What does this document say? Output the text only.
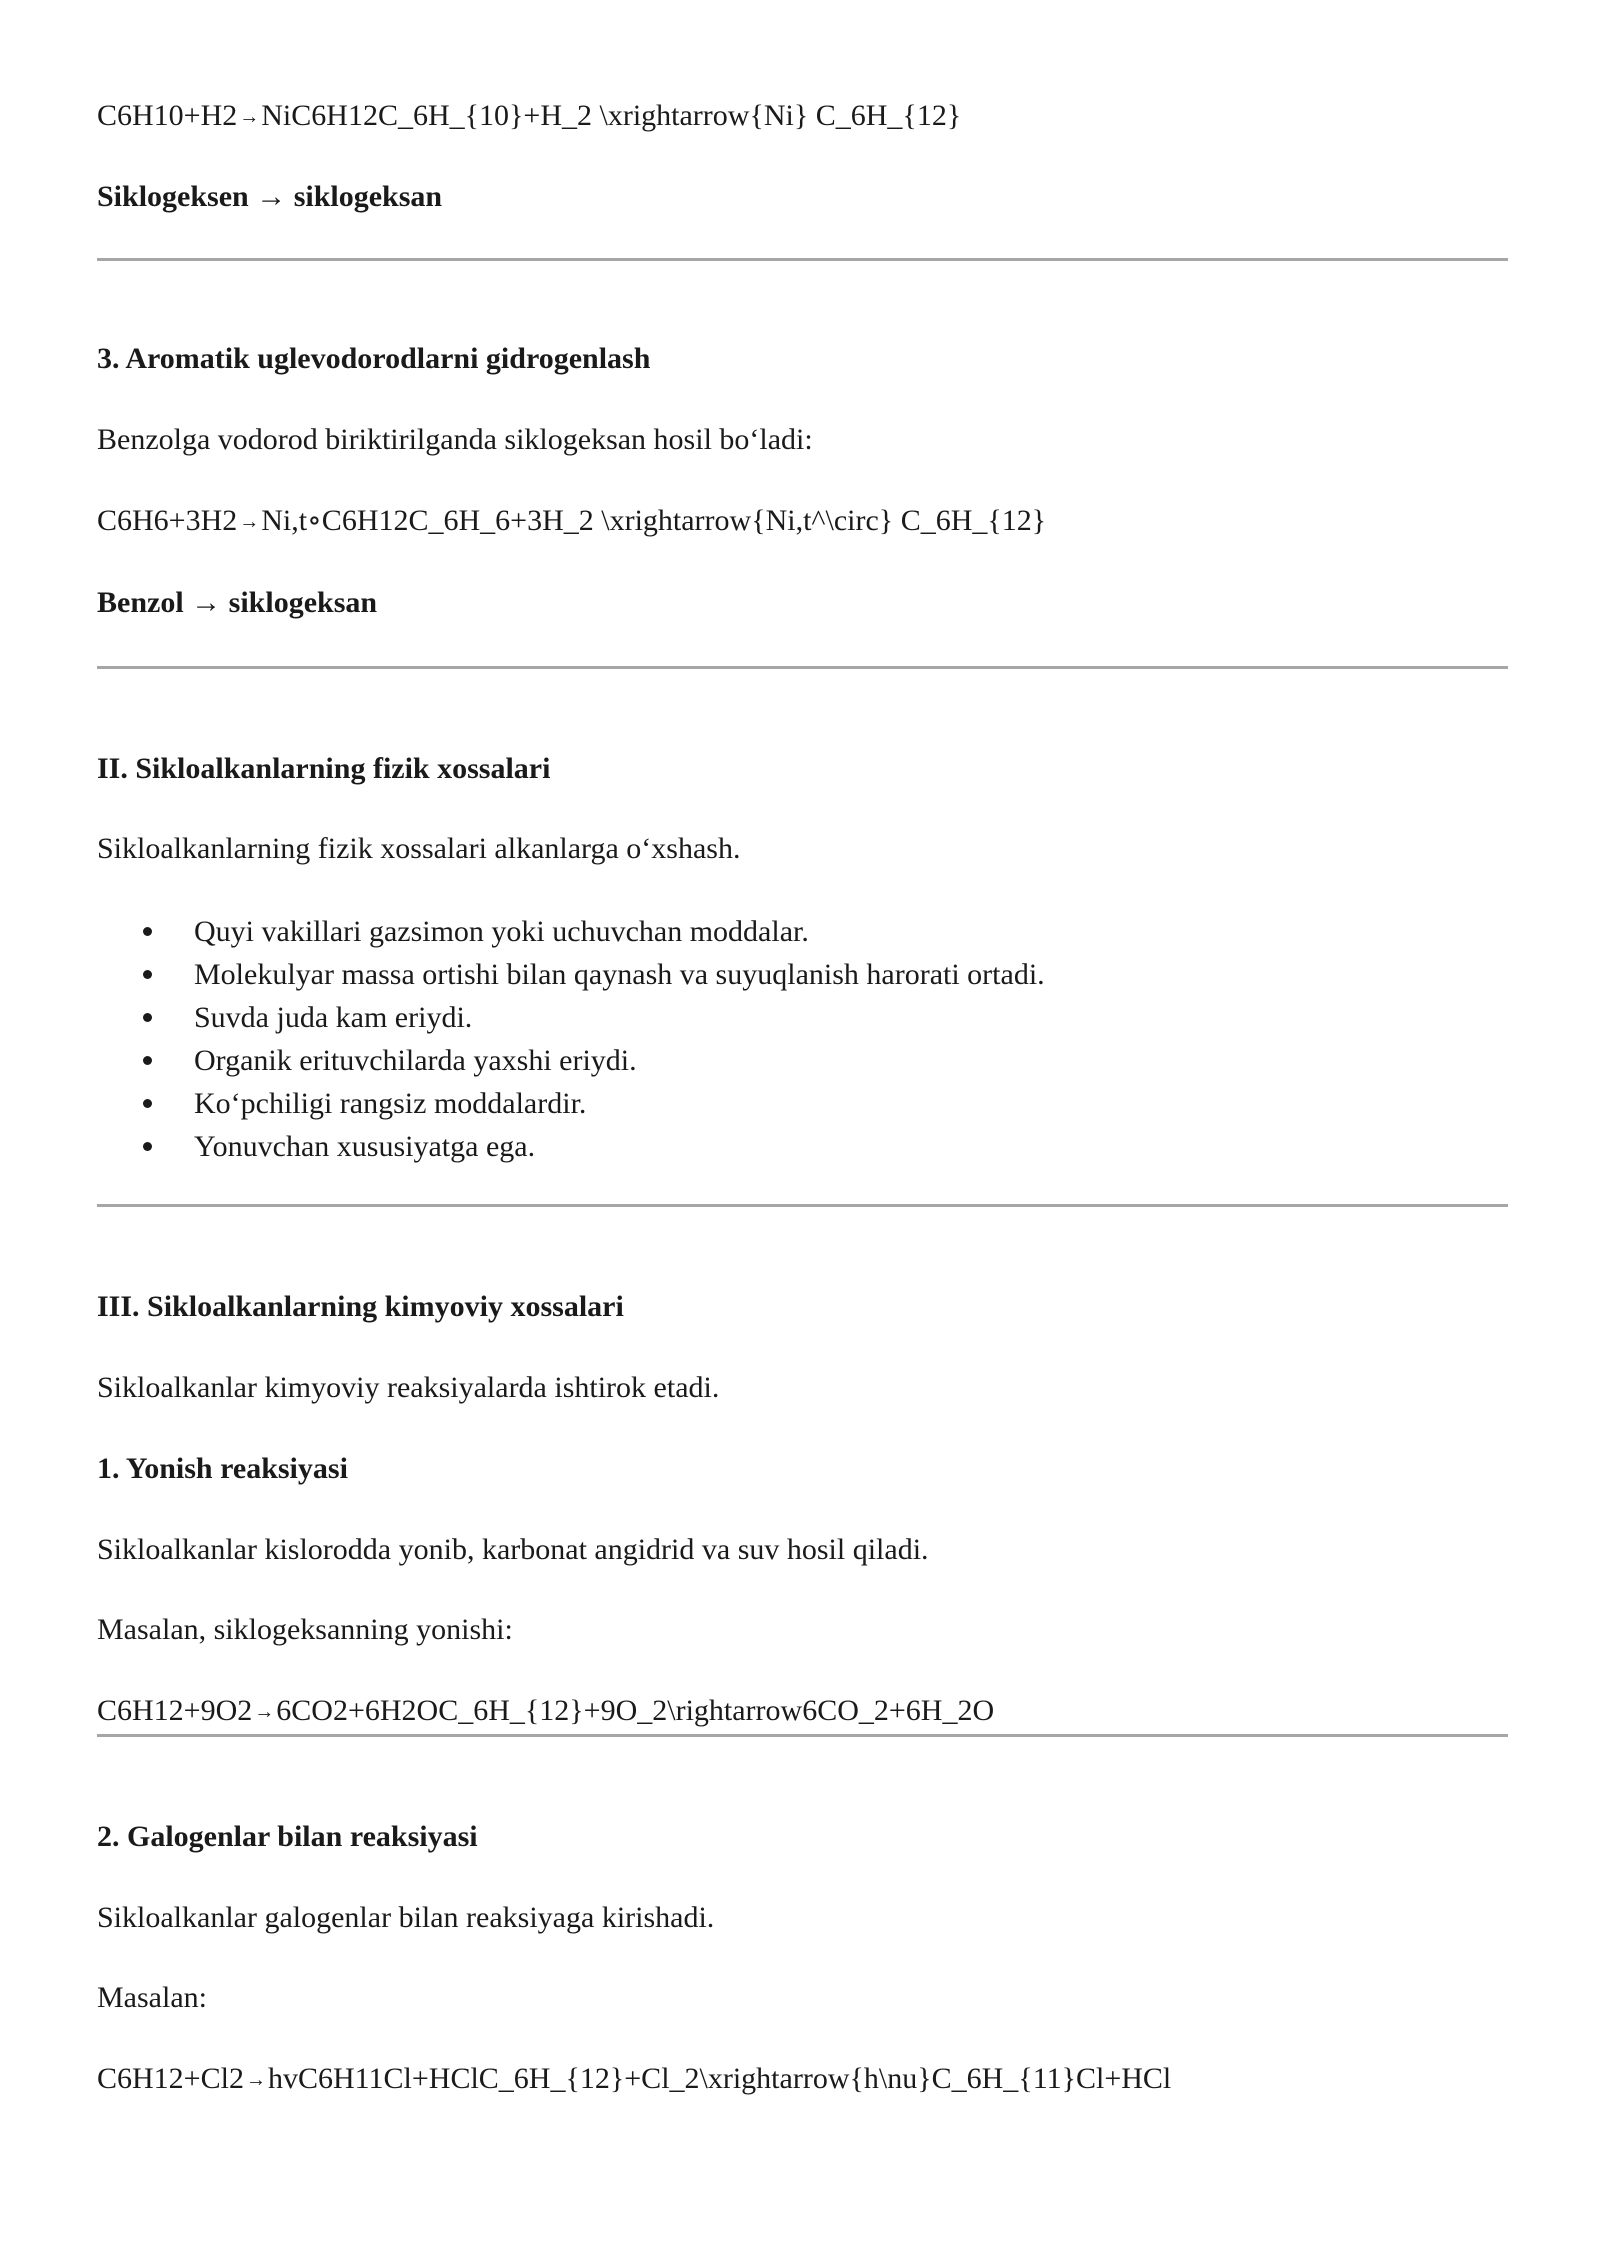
C6H10+H2 →NiC6H12C_6H_{10}+H_2 \xrightarrow{Ni} C_6H_{12}

Siklogeksen → siklogeksan

3. Aromatik uglevodorodlarni gidrogenlash

Benzolga vodorod biriktirilganda siklogeksan hosil bo‘ladi:

C6H6+3H2 →Ni,t∘C6H12C_6H_6+3H_2 \xrightarrow{Ni,t^\circ} C_6H_{12}

Benzol → siklogeksan

II. Sikloalkanlarning fizik xossalari

Sikloalkanlarning fizik xossalari alkanlarga o‘xshash.

Quyi vakillari gazsimon yoki uchuvchan moddalar.
Molekulyar massa ortishi bilan qaynash va suyuqlanish harorati ortadi.
Suvda juda kam eriydi.
Organik erituvchilarda yaxshi eriydi.
Ko‘pchiligi rangsiz moddalardir.
Yonuvchan xususiyatga ega.

III. Sikloalkanlarning kimyoviy xossalari

Sikloalkanlar kimyoviy reaksiyalarda ishtirok etadi.

1. Yonish reaksiyasi

Sikloalkanlar kislorodda yonib, karbonat angidrid va suv hosil qiladi.

Masalan, siklogeksanning yonishi:

C6H12+9O2 →6CO2+6H2OC_6H_{12}+9O_2\rightarrow6CO_2+6H_2O

2. Galogenlar bilan reaksiyasi

Sikloalkanlar galogenlar bilan reaksiyaga kirishadi.

Masalan:

C6H12+Cl2 →hvC6H11Cl+HClC_6H_{12}+Cl_2\xrightarrow{h\nu}C_6H_{11}Cl+HCl
